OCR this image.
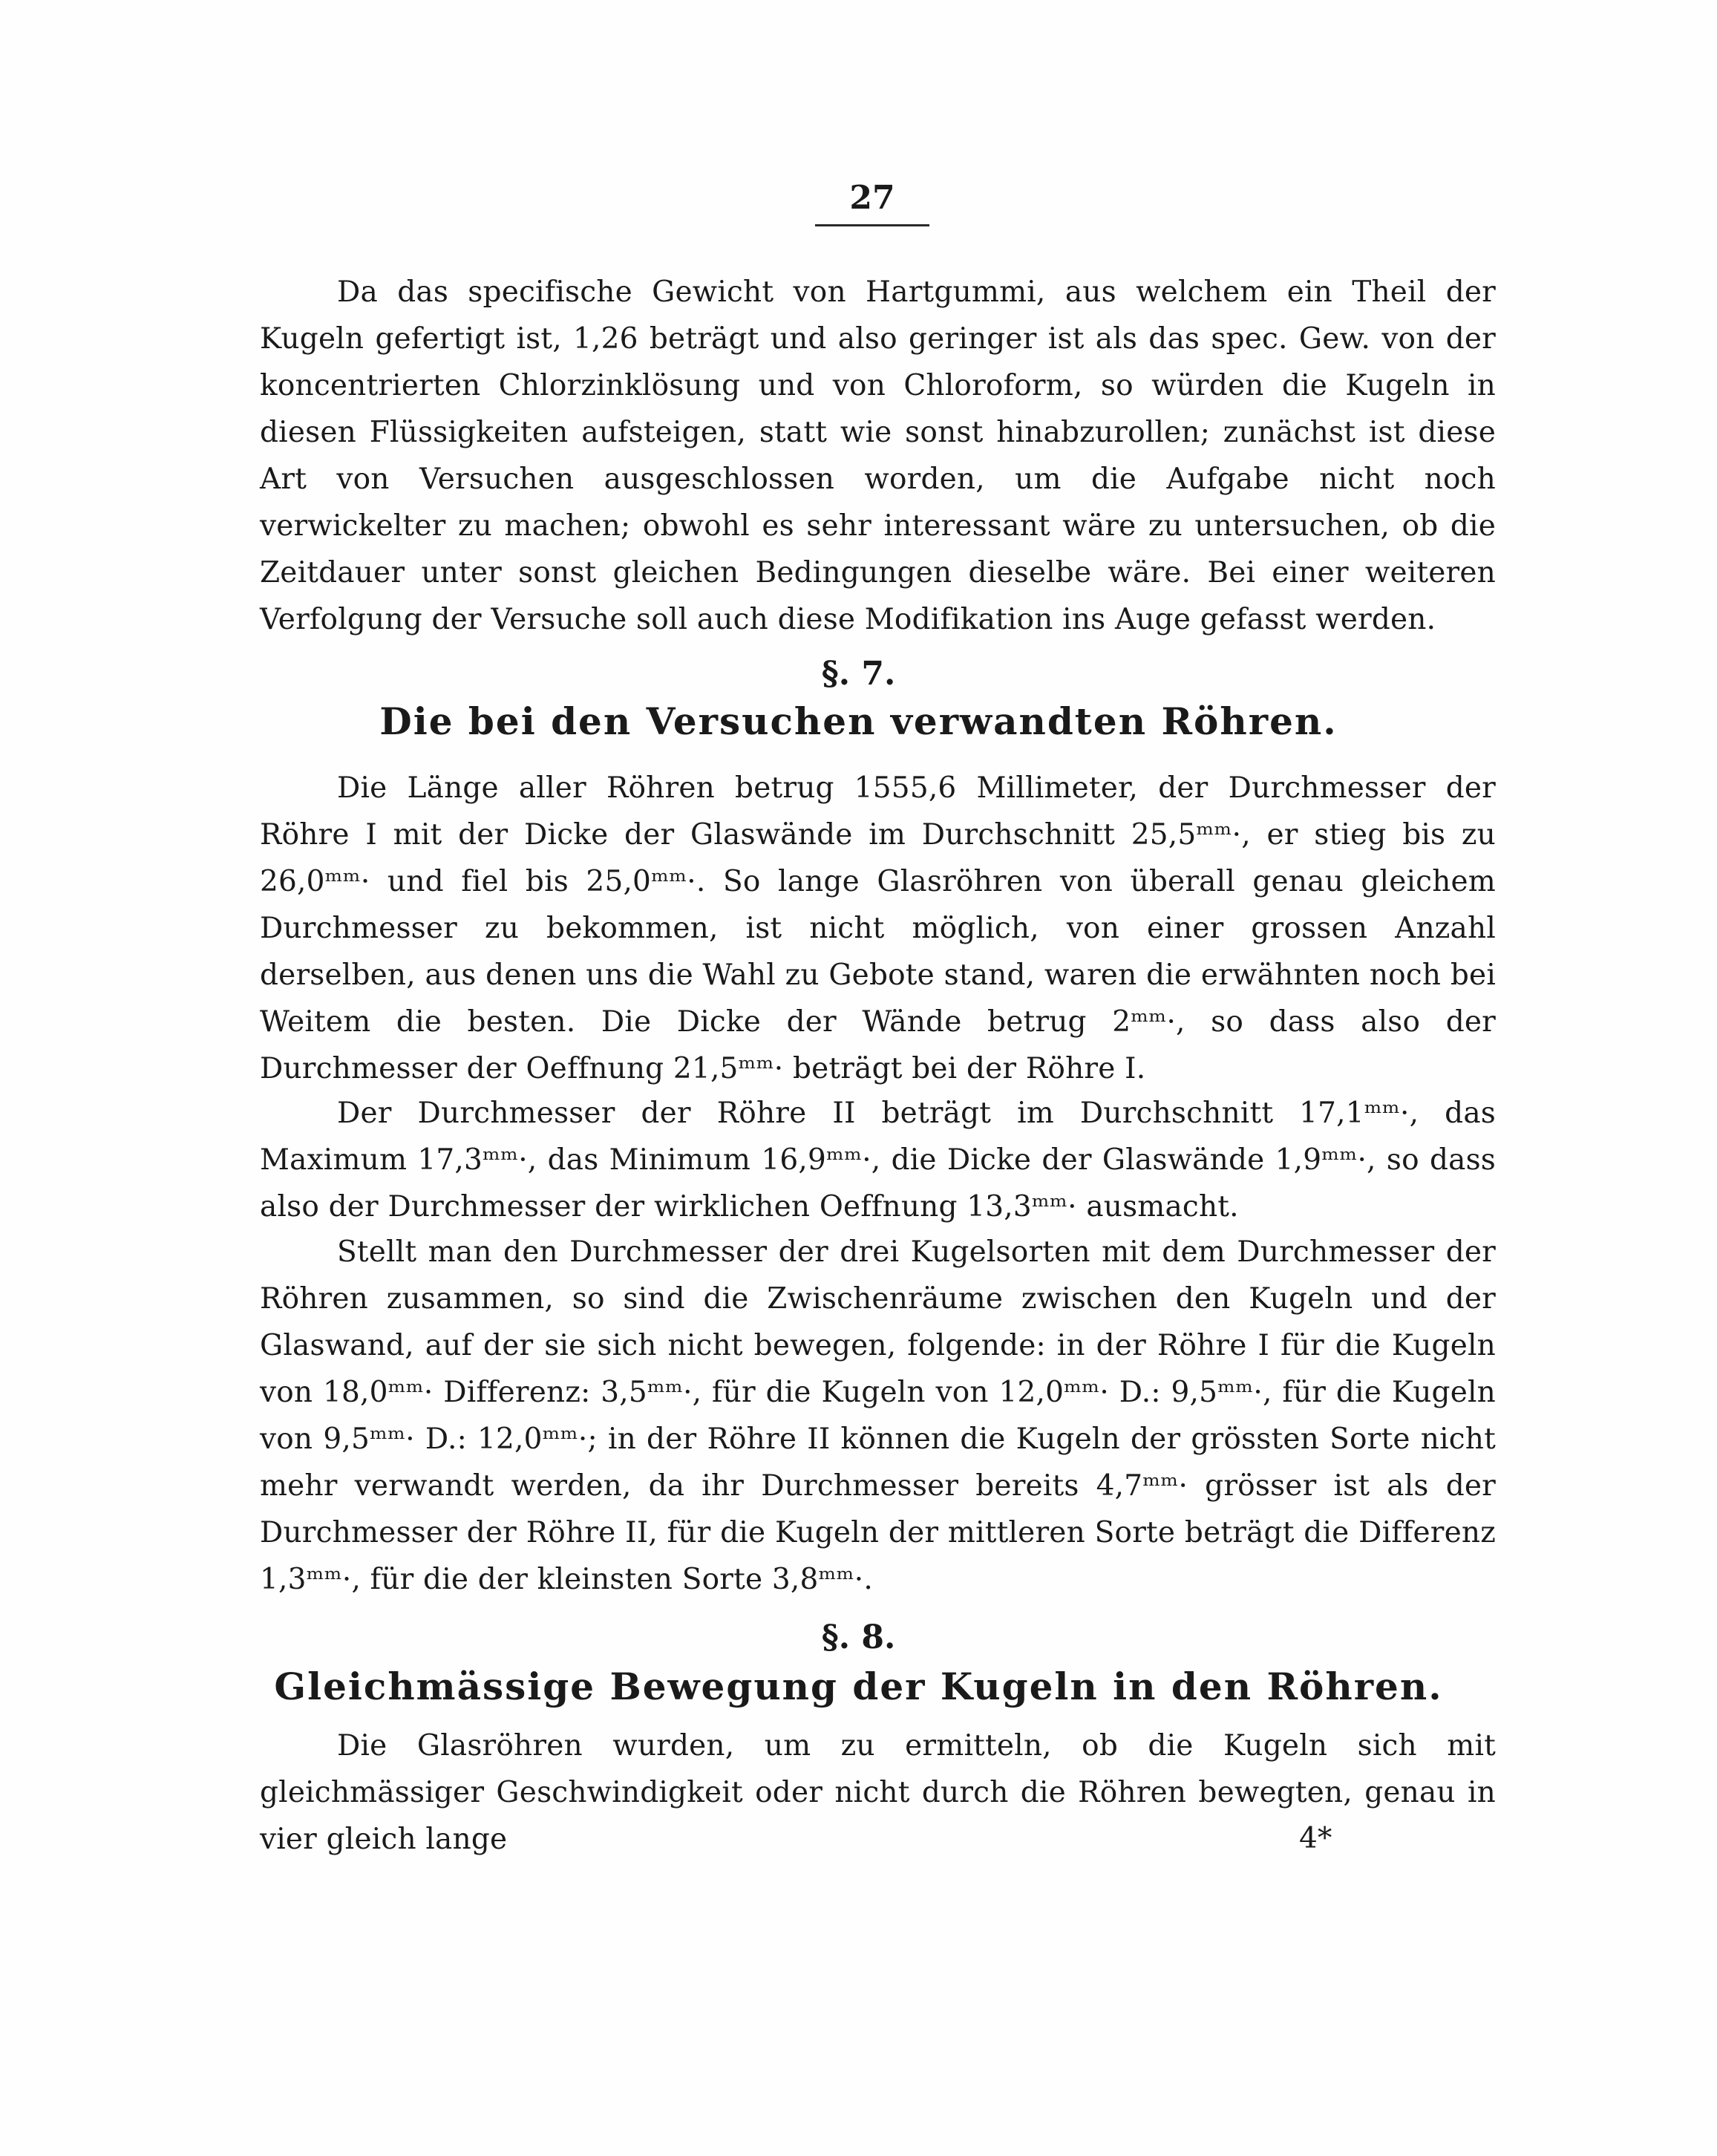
27

Da das specifische Gewicht von Hartgummi, aus welchem ein Theil der Kugeln gefertigt ist, 1,26 beträgt und also geringer ist als das spec. Gew. von der koncentrierten Chlorzinklösung und von Chloroform, so würden die Kugeln in diesen Flüssigkeiten aufsteigen, statt wie sonst hinabzurollen; zunächst ist diese Art von Versuchen ausgeschlossen worden, um die Aufgabe nicht noch verwickelter zu machen; obwohl es sehr interessant wäre zu untersuchen, ob die Zeitdauer unter sonst gleichen Bedingungen dieselbe wäre. Bei einer weiteren Verfolgung der Versuche soll auch diese Modifikation ins Auge gefasst werden.

§. 7.
Die bei den Versuchen verwandten Röhren.

Die Länge aller Röhren betrug 1555,6 Millimeter, der Durchmesser der Röhre I mit der Dicke der Glaswände im Durchschnitt 25,5ᵐᵐ·, er stieg bis zu 26,0ᵐᵐ· und fiel bis 25,0ᵐᵐ·. So lange Glasröhren von überall genau gleichem Durchmesser zu bekommen, ist nicht möglich, von einer grossen Anzahl derselben, aus denen uns die Wahl zu Gebote stand, waren die erwähnten noch bei Weitem die besten. Die Dicke der Wände betrug 2ᵐᵐ·, so dass also der Durchmesser der Oeffnung 21,5ᵐᵐ· beträgt bei der Röhre I.

Der Durchmesser der Röhre II beträgt im Durchschnitt 17,1ᵐᵐ·, das Maximum 17,3ᵐᵐ·, das Minimum 16,9ᵐᵐ·, die Dicke der Glaswände 1,9ᵐᵐ·, so dass also der Durchmesser der wirklichen Oeffnung 13,3ᵐᵐ· ausmacht.

Stellt man den Durchmesser der drei Kugelsorten mit dem Durchmesser der Röhren zusammen, so sind die Zwischenräume zwischen den Kugeln und der Glaswand, auf der sie sich nicht bewegen, folgende: in der Röhre I für die Kugeln von 18,0ᵐᵐ· Differenz: 3,5ᵐᵐ·, für die Kugeln von 12,0ᵐᵐ· D.: 9,5ᵐᵐ·, für die Kugeln von 9,5ᵐᵐ· D.: 12,0ᵐᵐ·; in der Röhre II können die Kugeln der grössten Sorte nicht mehr verwandt werden, da ihr Durchmesser bereits 4,7ᵐᵐ· grösser ist als der Durchmesser der Röhre II, für die Kugeln der mittleren Sorte beträgt die Differenz 1,3ᵐᵐ·, für die der kleinsten Sorte 3,8ᵐᵐ·.

§. 8.
Gleichmässige Bewegung der Kugeln in den Röhren.

Die Glasröhren wurden, um zu ermitteln, ob die Kugeln sich mit gleichmässiger Geschwindigkeit oder nicht durch die Röhren bewegten, genau in vier gleich lange	4*
